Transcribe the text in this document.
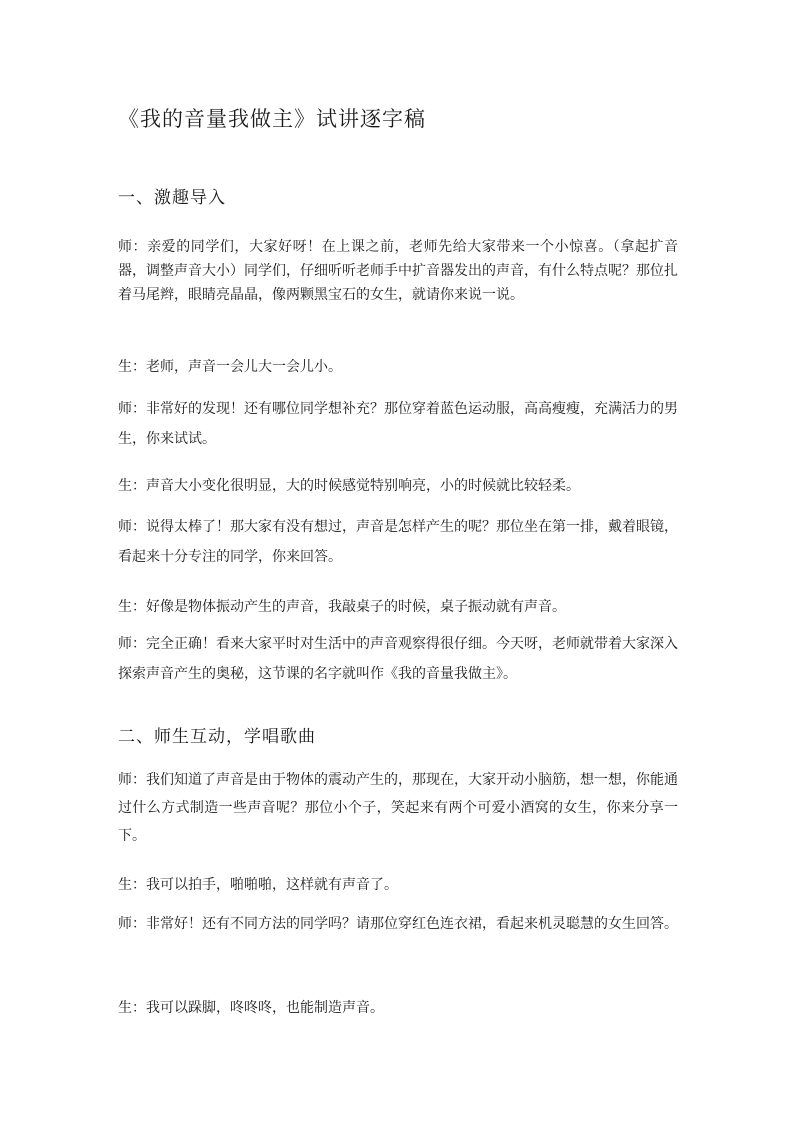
《我的音量我做主》试讲逐字稿
一、激趣导入

师：亲爱的同学们，大家好呀！在上课之前，老师先给大家带来一个小惊喜。（拿起扩音器，调整声音大小）同学们，仔细听听老师手中扩音器发出的声音，有什么特点呢？那位扎着马尾辫，眼睛亮晶晶，像两颗黑宝石的女生，就请你来说一说。

生：老师，声音一会儿大一会儿小。

师：非常好的发现！还有哪位同学想补充？那位穿着蓝色运动服，高高瘦瘦，充满活力的男生，你来试试。

生：声音大小变化很明显，大的时候感觉特别响亮，小的时候就比较轻柔。

师：说得太棒了！那大家有没有想过，声音是怎样产生的呢？那位坐在第一排，戴着眼镜，看起来十分专注的同学，你来回答。

生：好像是物体振动产生的声音，我敲桌子的时候，桌子振动就有声音。

师：完全正确！看来大家平时对生活中的声音观察得很仔细。今天呀，老师就带着大家深入探索声音产生的奥秘，这节课的名字就叫作《我的音量我做主》。

二、师生互动，学唱歌曲

师：我们知道了声音是由于物体的震动产生的，那现在，大家开动小脑筋，想一想，你能通过什么方式制造一些声音呢？那位小个子，笑起来有两个可爱小酒窝的女生，你来分享一下。

生：我可以拍手，啪啪啪，这样就有声音了。

师：非常好！还有不同方法的同学吗？请那位穿红色连衣裙，看起来机灵聪慧的女生回答。

生：我可以跺脚，咚咚咚，也能制造声音。
